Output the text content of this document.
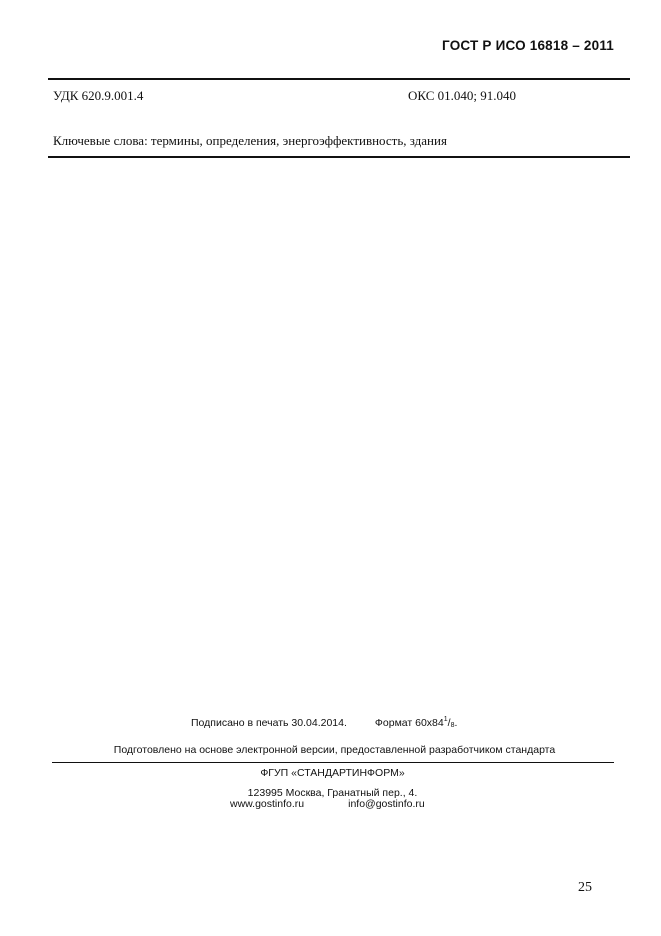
ГОСТ Р ИСО 16818 – 2011
УДК 620.9.001.4	ОКС 01.040; 91.040
Ключевые слова: термины, определения, энергоэффективность, здания
Подписано в печать 30.04.2014.	Формат $60х84^1/_8$.
Подготовлено на основе электронной версии, предоставленной разработчиком стандарта
ФГУП «СТАНДАРТИНФОРМ»
123995 Москва, Гранатный пер., 4.
www.gostinfo.ru	info@gostinfo.ru
25
